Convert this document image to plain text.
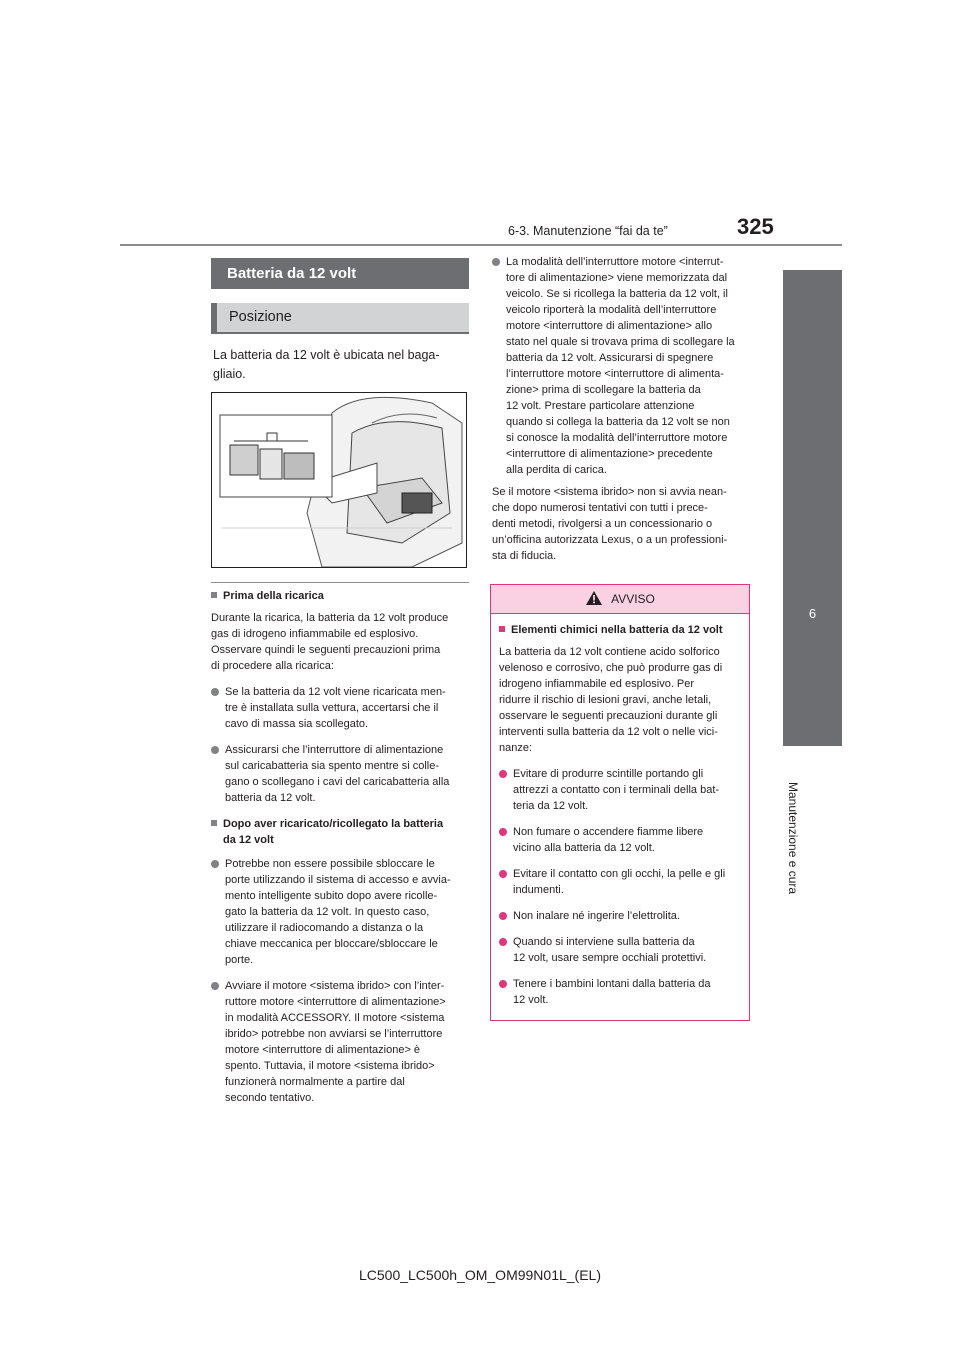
6-3. Manutenzione “fai da te”	325
6
Manutenzione e cura
Batteria da 12 volt
Posizione
La batteria da 12 volt è ubicata nel baga-
gliaio.
Prima della ricarica
Durante la ricarica, la batteria da 12 volt produce
gas di idrogeno infiammabile ed esplosivo.
Osservare quindi le seguenti precauzioni prima
di procedere alla ricarica:
Se la batteria da 12 volt viene ricaricata men-
tre è installata sulla vettura, accertarsi che il
cavo di massa sia scollegato.
Assicurarsi che l’interruttore di alimentazione
sul caricabatteria sia spento mentre si colle-
gano o scollegano i cavi del caricabatteria alla
batteria da 12 volt.
Dopo aver ricaricato/ricollegato la batteria
da 12 volt
Potrebbe non essere possibile sbloccare le
porte utilizzando il sistema di accesso e avvia-
mento intelligente subito dopo avere ricolle-
gato la batteria da 12 volt. In questo caso,
utilizzare il radiocomando a distanza o la
chiave meccanica per bloccare/sbloccare le
porte.
Avviare il motore <sistema ibrido> con l’inter-
ruttore motore <interruttore di alimentazione>
in modalità ACCESSORY. Il motore <sistema
ibrido> potrebbe non avviarsi se l’interruttore
motore <interruttore di alimentazione> è
spento. Tuttavia, il motore <sistema ibrido>
funzionerà normalmente a partire dal
secondo tentativo.
La modalità dell’interruttore motore <interrut-
tore di alimentazione> viene memorizzata dal
veicolo. Se si ricollega la batteria da 12 volt, il
veicolo riporterà la modalità dell’interruttore
motore <interruttore di alimentazione> allo
stato nel quale si trovava prima di scollegare la
batteria da 12 volt. Assicurarsi di spegnere
l’interruttore motore <interruttore di alimenta-
zione> prima di scollegare la batteria da
12 volt. Prestare particolare attenzione
quando si collega la batteria da 12 volt se non
si conosce la modalità dell’interruttore motore
<interruttore di alimentazione> precedente
alla perdita di carica.
Se il motore <sistema ibrido> non si avvia nean-
che dopo numerosi tentativi con tutti i prece-
denti metodi, rivolgersi a un concessionario o
un’officina autorizzata Lexus, o a un professioni-
sta di fiducia.
AVVISO
Elementi chimici nella batteria da 12 volt
La batteria da 12 volt contiene acido solforico
velenoso e corrosivo, che può produrre gas di
idrogeno infiammabile ed esplosivo. Per
ridurre il rischio di lesioni gravi, anche letali,
osservare le seguenti precauzioni durante gli
interventi sulla batteria da 12 volt o nelle vici-
nanze:
Evitare di produrre scintille portando gli
attrezzi a contatto con i terminali della bat-
teria da 12 volt.
Non fumare o accendere fiamme libere
vicino alla batteria da 12 volt.
Evitare il contatto con gli occhi, la pelle e gli
indumenti.
Non inalare né ingerire l’elettrolita.
Quando si interviene sulla batteria da
12 volt, usare sempre occhiali protettivi.
Tenere i bambini lontani dalla batteria da
12 volt.
LC500_LC500h_OM_OM99N01L_(EL)
